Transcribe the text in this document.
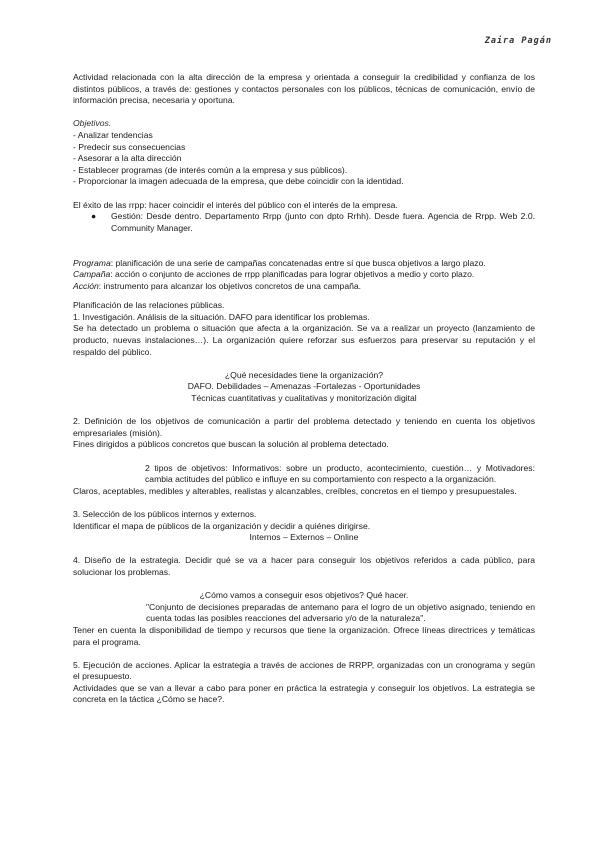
Zaira Pagán

Actividad relacionada con la alta dirección de la empresa y orientada a conseguir la credibilidad y confianza de los distintos públicos, a través de: gestiones y contactos personales con los públicos, técnicas de comunicación, envío de información precisa, necesaria y oportuna.

Objetivos.

- Analizar tendencias
- Predecir sus consecuencias
- Asesorar a la alta dirección
- Establecer programas (de interés común a la empresa y sus públicos).
- Proporcionar la imagen adecuada de la empresa, que debe coincidir con la identidad.

El éxito de las rrpp: hacer coincidir el interés del público con el interés de la empresa.

●	Gestión: Desde dentro. Departamento Rrpp (junto con dpto Rrhh). Desde fuera. Agencia de Rrpp. Web 2.0. Community Manager.

Programa: planificación de una serie de campañas concatenadas entre sí que busca objetivos a largo plazo.

Campaña: acción o conjunto de acciones de rrpp planificadas para lograr objetivos a medio y corto plazo.

Acción: instrumento para alcanzar los objetivos concretos de una campaña.

Planificación de las relaciones públicas.

1. Investigación. Análisis de la situación. DAFO para identificar los problemas.

Se ha detectado un problema o situación que afecta a la organización. Se va a realizar un proyecto (lanzamiento de producto, nuevas instalaciones…). La organización quiere reforzar sus esfuerzos para preservar su reputación y el respaldo del público.

¿Qué necesidades tiene la organización?

DAFO. Debilidades – Amenazas -Fortalezas - Oportunidades

Técnicas cuantitativas y cualitativas y monitorización digital

2. Definición de los objetivos de comunicación a partir del problema detectado y teniendo en cuenta los objetivos empresariales (misión).

Fines dirigidos a públicos concretos que buscan la solución al problema detectado.

2 tipos de objetivos: Informativos: sobre un producto, acontecimiento, cuestión… y Motivadores: cambia actitudes del público e influye en su comportamiento con respecto a la organización.

Claros, aceptables, medibles y alterables, realistas y alcanzables, creíbles, concretos en el tiempo y presupuestales.

3. Selección de los públicos internos y externos.

Identificar el mapa de públicos de la organización y decidir a quiénes dirigirse.

Internos – Externos – Online

4. Diseño de la estrategia. Decidir qué se va a hacer para conseguir los objetivos referidos a cada público, para solucionar los problemas.

¿Cómo vamos a conseguir esos objetivos? Qué hacer.

"Conjunto de decisiones preparadas de antemano para el logro de un objetivo asignado, teniendo en cuenta todas las posibles reacciones del adversario y/o de la naturaleza".

Tener en cuenta la disponibilidad de tiempo y recursos que tiene la organización. Ofrece líneas directrices y temáticas para el programa.

5. Ejecución de acciones. Aplicar la estrategia a través de acciones de RRPP, organizadas con un cronograma y según el presupuesto.

Actividades que se van a llevar a cabo para poner en práctica la estrategia y conseguir los objetivos. La estrategia se concreta en la táctica ¿Cómo se hace?.
